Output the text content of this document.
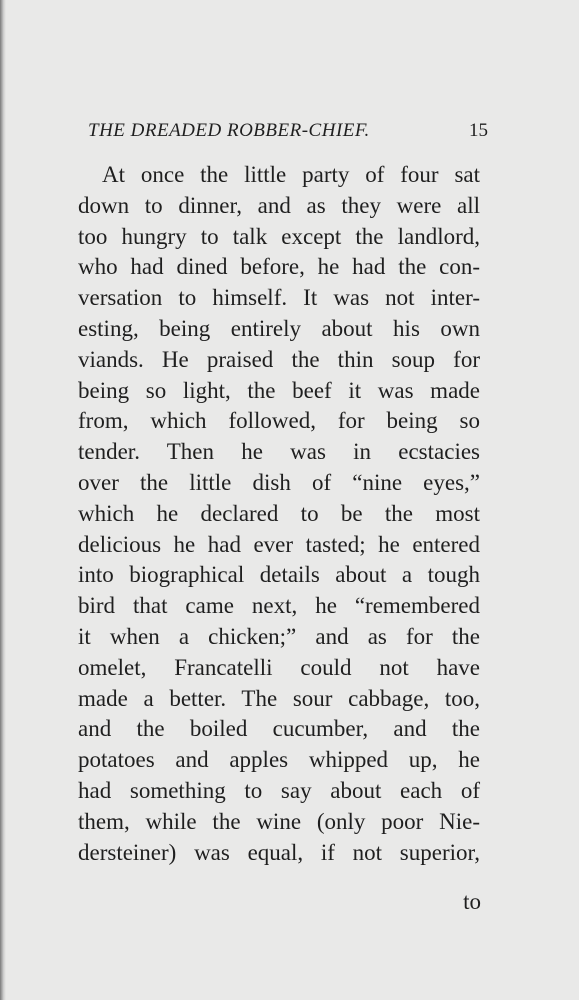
THE DREADED ROBBER-CHIEF.	15
At once the little party of four sat
down to dinner, and as they were all
too hungry to talk except the landlord,
who had dined before, he had the con-
versation to himself. It was not inter-
esting, being entirely about his own
viands. He praised the thin soup for
being so light, the beef it was made
from, which followed, for being so
tender. Then he was in ecstacies
over the little dish of “nine eyes,”
which he declared to be the most
delicious he had ever tasted; he entered
into biographical details about a tough
bird that came next, he “remembered
it when a chicken;” and as for the
omelet, Francatelli could not have
made a better. The sour cabbage, too,
and the boiled cucumber, and the
potatoes and apples whipped up, he
had something to say about each of
them, while the wine (only poor Nie-
dersteiner) was equal, if not superior,
to
